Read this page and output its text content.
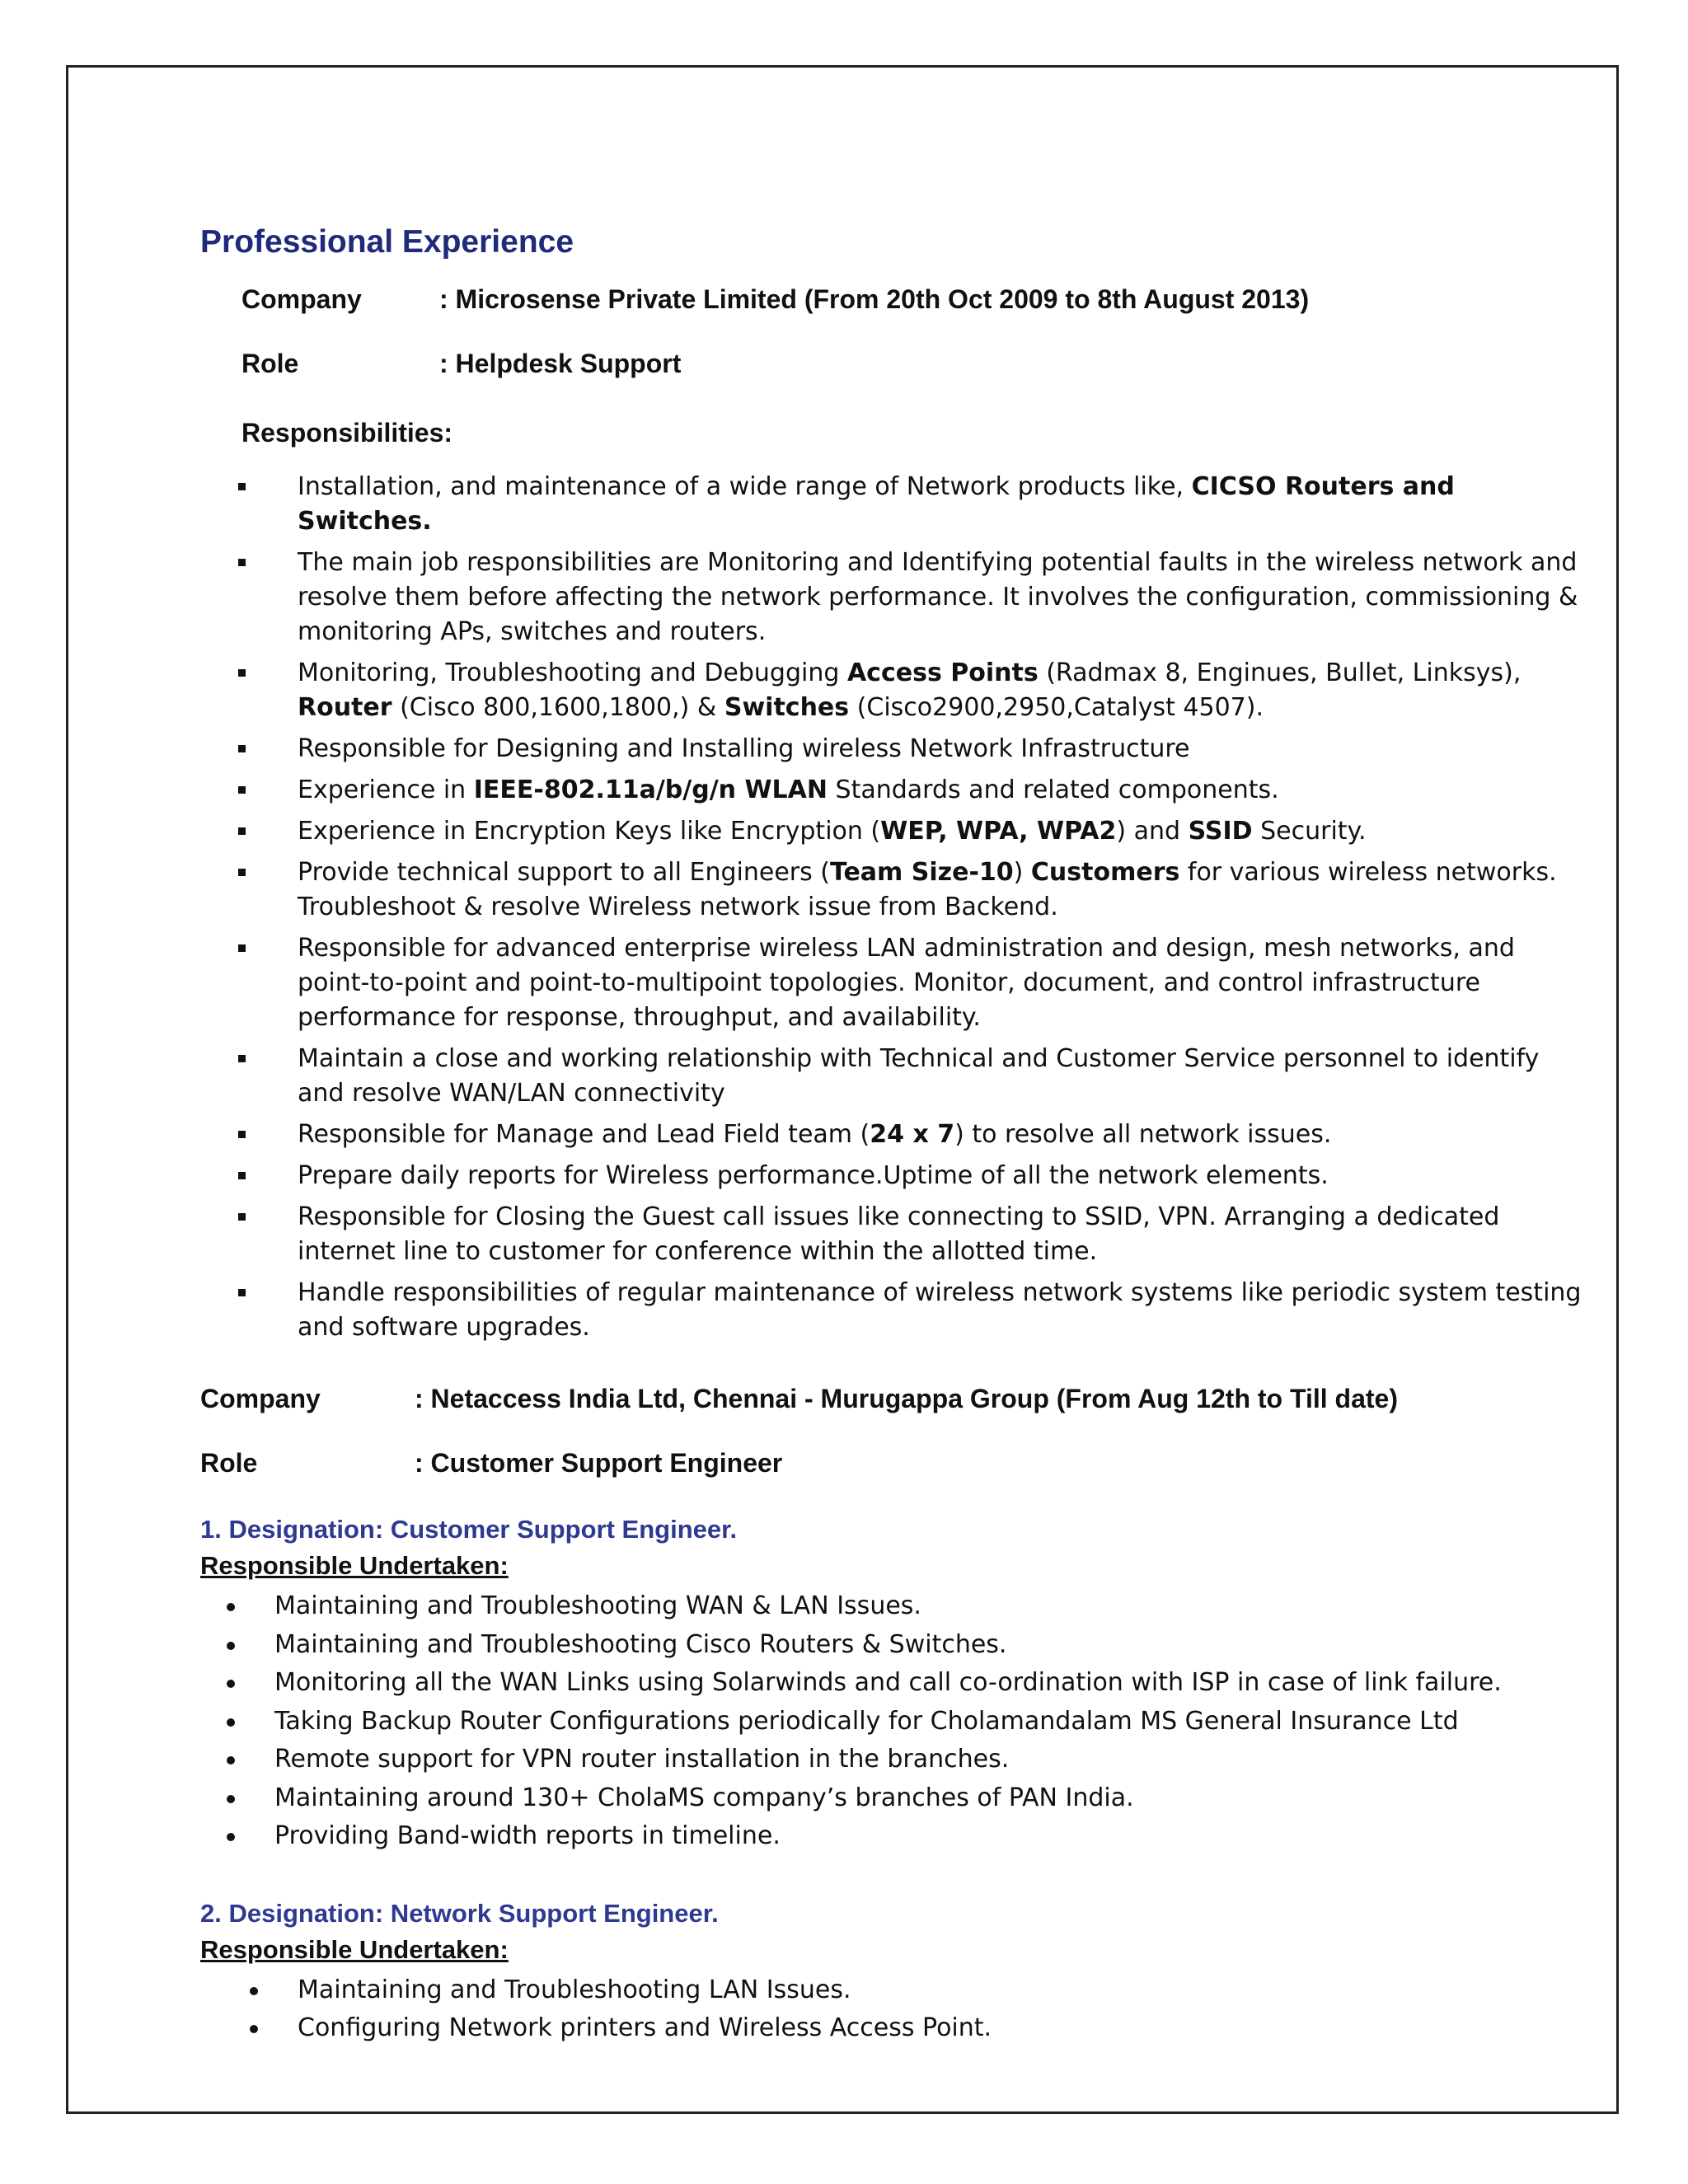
Professional Experience
Company	: Microsense Private Limited (From 20th Oct 2009 to 8th August 2013)
Role	: Helpdesk Support
Responsibilities:
Installation, and maintenance of a wide range of Network products like, CICSO Routers and Switches.
The main job responsibilities are Monitoring and Identifying potential faults in the wireless network and resolve them before affecting the network performance. It involves the configuration, commissioning & monitoring APs, switches and routers.
Monitoring, Troubleshooting and Debugging Access Points (Radmax 8, Enginues, Bullet, Linksys), Router (Cisco 800,1600,1800,) & Switches (Cisco2900,2950,Catalyst 4507).
Responsible for Designing and Installing wireless Network Infrastructure
Experience in IEEE-802.11a/b/g/n WLAN Standards and related components.
Experience in Encryption Keys like Encryption (WEP, WPA, WPA2) and SSID Security.
Provide technical support to all Engineers (Team Size-10) Customers for various wireless networks. Troubleshoot & resolve Wireless network issue from Backend.
Responsible for advanced enterprise wireless LAN administration and design, mesh networks, and point-to-point and point-to-multipoint topologies. Monitor, document, and control infrastructure performance for response, throughput, and availability.
Maintain a close and working relationship with Technical and Customer Service personnel to identify and resolve WAN/LAN connectivity
Responsible for Manage and Lead Field team (24 x 7) to resolve all network issues.
Prepare daily reports for Wireless performance.Uptime of all the network elements.
Responsible for Closing the Guest call issues like connecting to SSID, VPN. Arranging a dedicated internet line to customer for conference within the allotted time.
Handle responsibilities of regular maintenance of wireless network systems like periodic system testing and software upgrades.
Company	: Netaccess India Ltd, Chennai - Murugappa Group (From Aug 12th to Till date)
Role	: Customer Support Engineer
1. Designation: Customer Support Engineer.
Responsible Undertaken:
Maintaining and Troubleshooting WAN & LAN Issues.
Maintaining and Troubleshooting Cisco Routers & Switches.
Monitoring all the WAN Links using Solarwinds and call co-ordination with ISP in case of link failure.
Taking Backup Router Configurations periodically for Cholamandalam MS General Insurance Ltd
Remote support for VPN router installation in the branches.
Maintaining around 130+ CholaMS company’s branches of PAN India.
Providing Band-width reports in timeline.
2. Designation: Network Support Engineer.
Responsible Undertaken:
Maintaining and Troubleshooting LAN Issues.
Configuring Network printers and Wireless Access Point.
